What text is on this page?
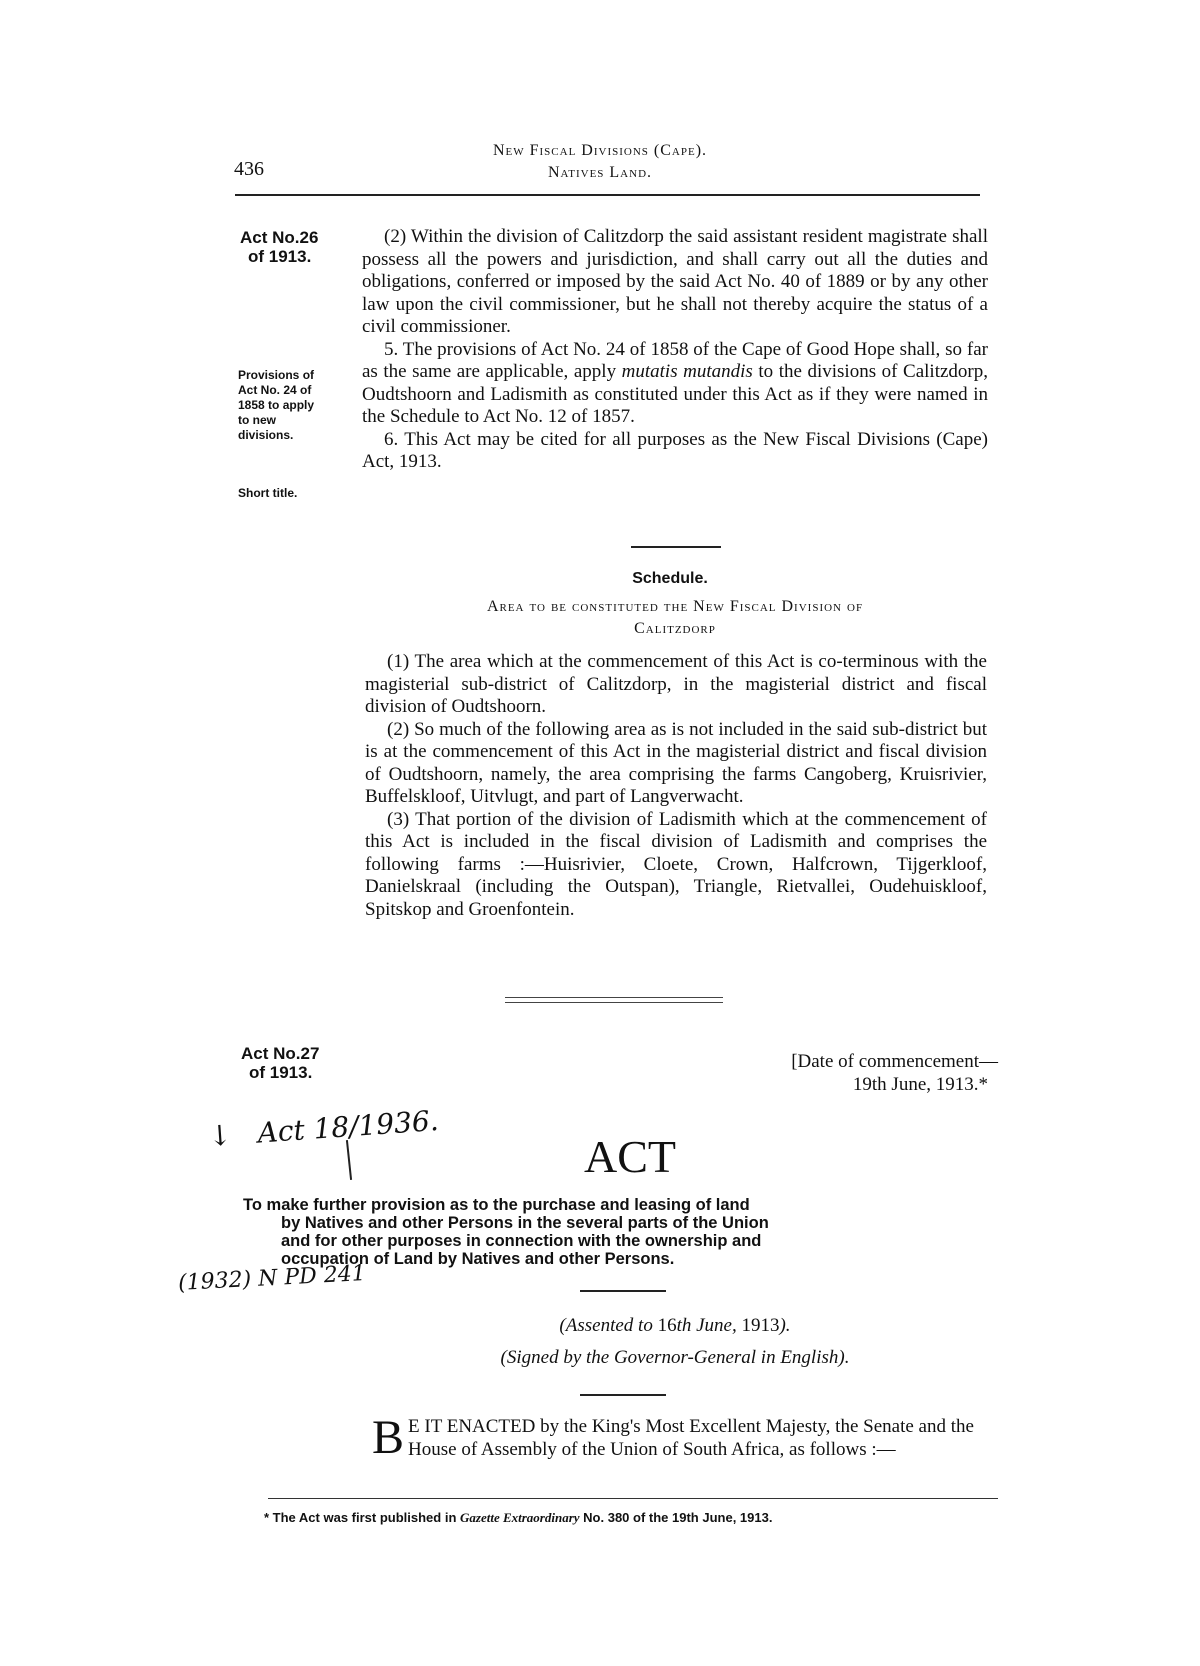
436
New Fiscal Divisions (Cape).
Natives Land.
Act No.26
of 1913.
Provisions of
Act No. 24 of
1858 to apply
to new
divisions.
Short title.

(2) Within the division of Calitzdorp the said assistant resident magistrate shall possess all the powers and jurisdiction, and shall carry out all the duties and obligations, conferred or imposed by the said Act No. 40 of 1889 or by any other law upon the civil commissioner, but he shall not thereby acquire the status of a civil commissioner.

5. The provisions of Act No. 24 of 1858 of the Cape of Good Hope shall, so far as the same are applicable, apply mutatis mutandis to the divisions of Calitzdorp, Oudtshoorn and Ladismith as constituted under this Act as if they were named in the Schedule to Act No. 12 of 1857.

6. This Act may be cited for all purposes as the New Fiscal Divisions (Cape) Act, 1913.

Schedule.
Area to be constituted the New Fiscal Division of
Calitzdorp

(1) The area which at the commencement of this Act is co-terminous with the magisterial sub-district of Calitzdorp, in the magisterial district and fiscal division of Oudtshoorn.

(2) So much of the following area as is not included in the said sub-district but is at the commencement of this Act in the magisterial district and fiscal division of Oudtshoorn, namely, the area comprising the farms Cangoberg, Kruisrivier, Buffelskloof, Uitvlugt, and part of Langverwacht.

(3) That portion of the division of Ladismith which at the commencement of this Act is included in the fiscal division of Ladismith and comprises the following farms :—Huisrivier, Cloete, Crown, Halfcrown, Tijgerkloof, Danielskraal (including the Outspan), Triangle, Rietvallei, Oudehuiskloof, Spitskop and Groenfontein.

Act No.27
of 1913.
[Date of commencement—
19th June, 1913.*
↓ Act 18/1936.
ACT
To make further provision as to the purchase and leasing of land
by Natives and other Persons in the several parts of the Union
and for other purposes in connection with the ownership and
occupation of Land by Natives and other Persons.
(1932) N PD 241
(Assented to 16th June, 1913).
(Signed by the Governor-General in English).
B E IT ENACTED by the King's Most Excellent Majesty, the Senate and the House of Assembly of the Union of South Africa, as follows :—
* The Act was first published in Gazette Extraordinary No. 380 of the 19th June, 1913.
